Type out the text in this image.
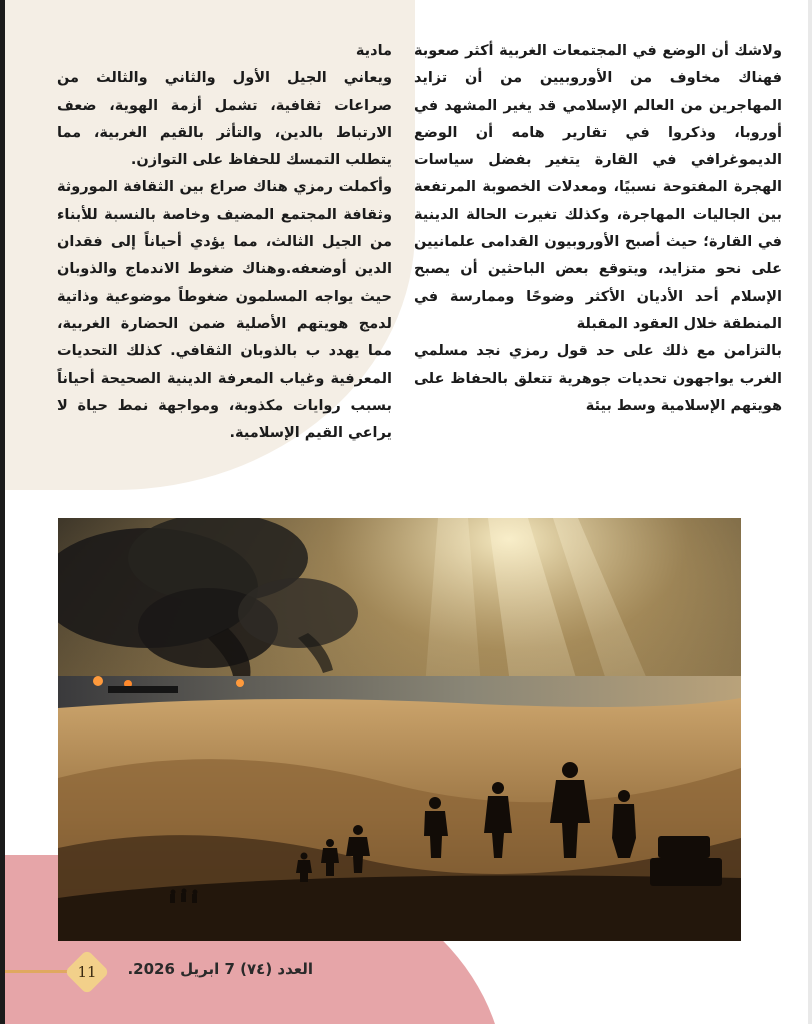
ولاشك أن الوضع في المجتمعات الغربية أكثر صعوبة فهناك مخاوف من الأوروبيين من أن تزايد المهاجرين من العالم الإسلامي قد يغير المشهد في أوروبا، وذكروا في تقارير هامه أن الوضع الديموغرافي في القارة يتغير بفضل سياسات الهجرة المفتوحة نسبيًا، ومعدلات الخصوبة المرتفعة بين الجاليات المهاجرة، وكذلك تغيرت الحالة الدينية في القارة؛ حيث أصبح الأوروبيون القدامى علمانيين على نحو متزايد، ويتوقع بعض الباحثين أن يصبح الإسلام أحد الأديان الأكثر وضوحًا وممارسة في المنطقة خلال العقود المقبلة

بالتزامن مع ذلك على حد قول رمزي نجد مسلمي الغرب يواجهون تحديات جوهرية تتعلق بالحفاظ على هويتهم الإسلامية وسط بيئة

مادية

ويعاني الجيل الأول والثاني والثالث من صراعات ثقافية، تشمل أزمة الهوية، ضعف الارتباط بالدين، والتأثر بالقيم الغربية، مما يتطلب التمسك للحفاظ على التوازن.

وأكملت رمزي هناك صراع بين الثقافة الموروثة وثقافة المجتمع المضيف وخاصة بالنسبة للأبناء من الجيل الثالث، مما يؤدي أحياناً إلى فقدان الدين أوضعفه.وهناك ضغوط الاندماج والذوبان حيث يواجه المسلمون ضغوطاً موضوعية وذاتية لدمج هويتهم الأصلية ضمن الحضارة الغربية، مما يهدد ب بالذوبان الثقافي. كذلك التحديات المعرفية وغياب المعرفة الدينية الصحيحة أحياناً بسبب روايات مكذوبة، ومواجهة نمط حياة لا يراعي القيم الإسلامية.

11	العدد (٧٤) 7 ابريل 2026.
